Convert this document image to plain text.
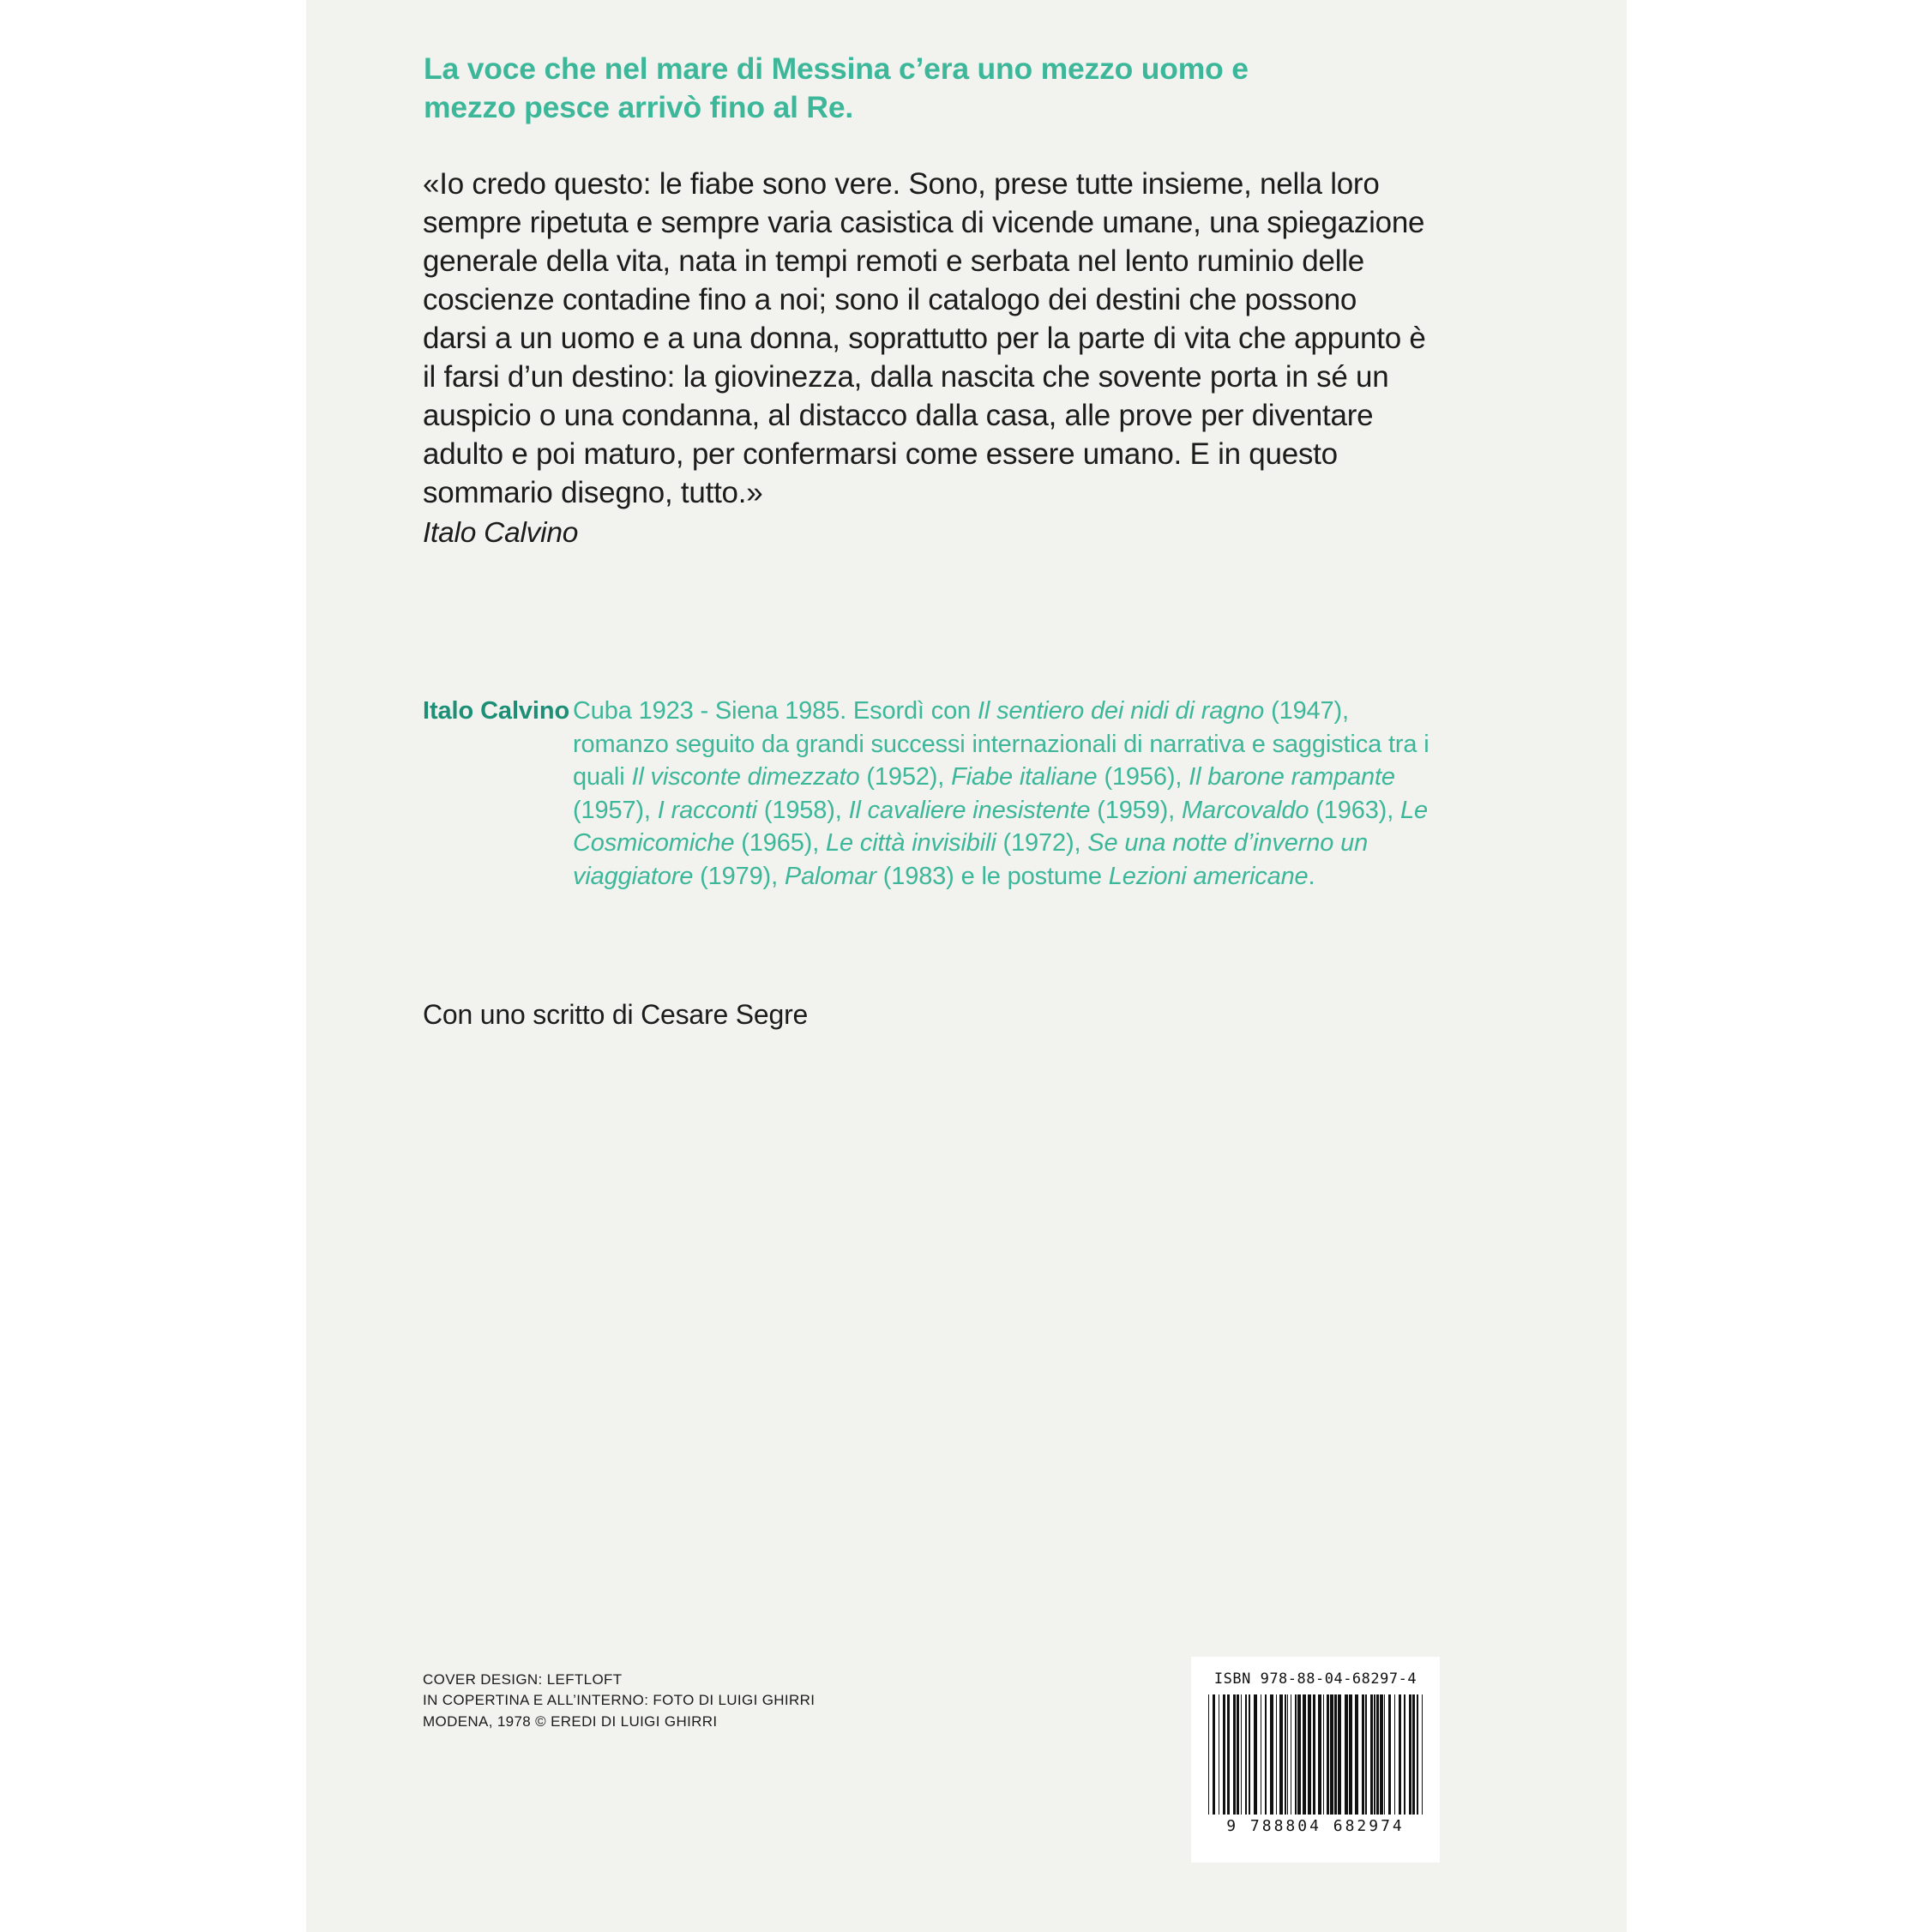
La voce che nel mare di Messina c’era uno mezzo uomo e mezzo pesce arrivò fino al Re.
«Io credo questo: le fiabe sono vere. Sono, prese tutte insieme, nella loro sempre ripetuta e sempre varia casistica di vicende umane, una spiegazione generale della vita, nata in tempi remoti e serbata nel lento ruminio delle coscienze contadine fino a noi; sono il catalogo dei destini che possono darsi a un uomo e a una donna, soprattutto per la parte di vita che appunto è il farsi d’un destino: la giovinezza, dalla nascita che sovente porta in sé un auspicio o una condanna, al distacco dalla casa, alle prove per diventare adulto e poi maturo, per confermarsi come essere umano. E in questo sommario disegno, tutto.»
Italo Calvino
Italo Calvino Cuba 1923 - Siena 1985. Esordì con Il sentiero dei nidi di ragno (1947), romanzo seguito da grandi successi internazionali di narrativa e saggistica tra i quali Il visconte dimezzato (1952), Fiabe italiane (1956), Il barone rampante (1957), I racconti (1958), Il cavaliere inesistente (1959), Marcovaldo (1963), Le Cosmicomiche (1965), Le città invisibili (1972), Se una notte d’inverno un viaggiatore (1979), Palomar (1983) e le postume Lezioni americane.
Con uno scritto di Cesare Segre
COVER DESIGN: LEFTLOFT
IN COPERTINA E ALL’INTERNO: FOTO DI LUIGI GHIRRI
MODENA, 1978 © EREDI DI LUIGI GHIRRI
ISBN 978-88-04-68297-4
9 788804 682974
